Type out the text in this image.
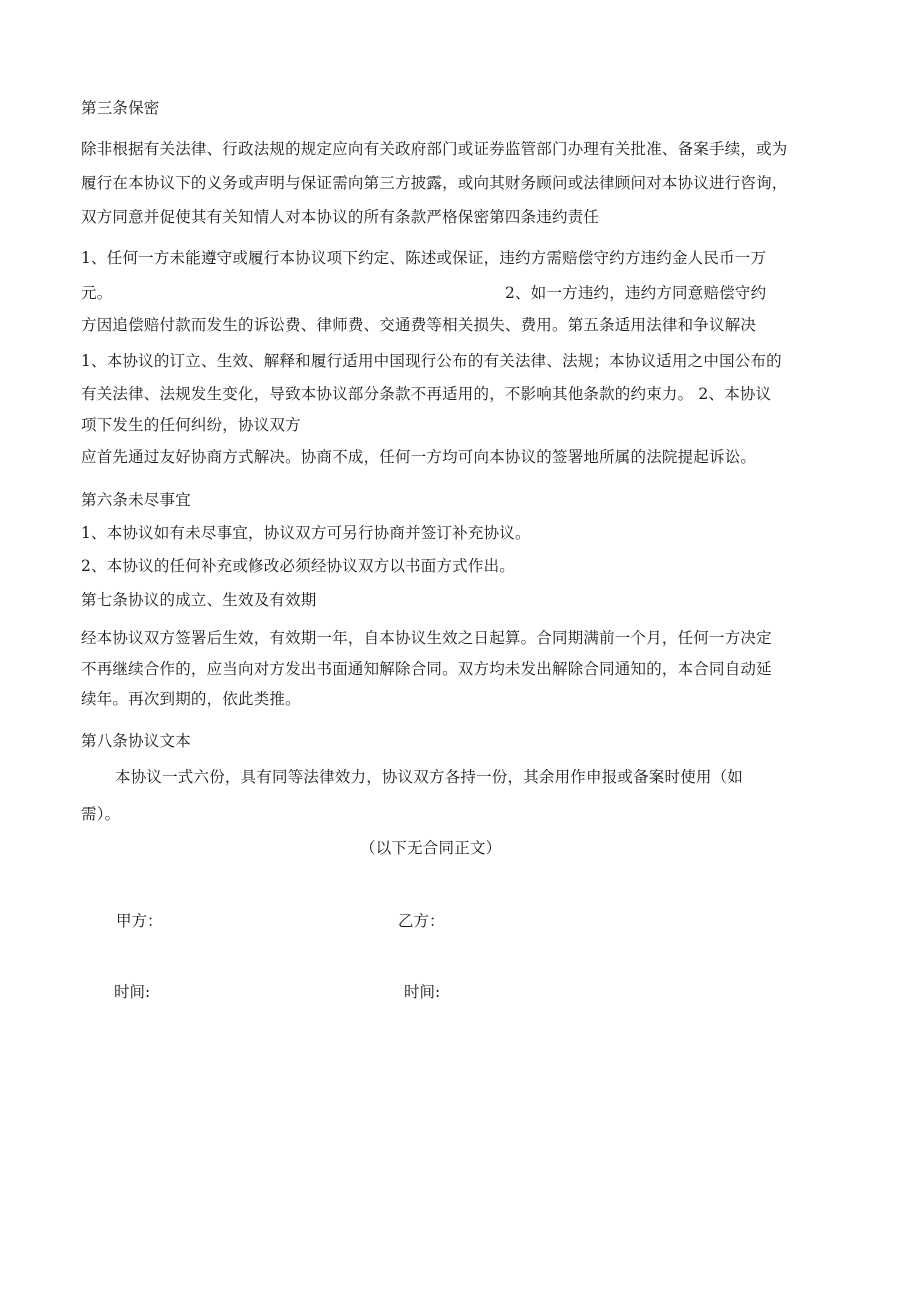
第三条保密
除非根据有关法律、行政法规的规定应向有关政府部门或证券监管部门办理有关批准、备案手续，或为
履行在本协议下的义务或声明与保证需向第三方披露，或向其财务顾问或法律顾问对本协议进行咨询，
双方同意并促使其有关知情人对本协议的所有条款严格保密第四条违约责任
1、任何一方未能遵守或履行本协议项下约定、陈述或保证，违约方需赔偿守约方违约金人民币一万
元。	2、如一方违约，违约方同意赔偿守约
方因追偿赔付款而发生的诉讼费、律师费、交通费等相关损失、费用。第五条适用法律和争议解决
1、本协议的订立、生效、解释和履行适用中国现行公布的有关法律、法规；本协议适用之中国公布的
有关法律、法规发生变化，导致本协议部分条款不再适用的，不影响其他条款的约束力。 2、本协议
项下发生的任何纠纷，协议双方
应首先通过友好协商方式解决。协商不成，任何一方均可向本协议的签署地所属的法院提起诉讼。
第六条未尽事宜
1、本协议如有未尽事宜，协议双方可另行协商并签订补充协议。
2、本协议的任何补充或修改必须经协议双方以书面方式作出。
第七条协议的成立、生效及有效期
经本协议双方签署后生效，有效期一年，自本协议生效之日起算。合同期满前一个月，任何一方决定
不再继续合作的，应当向对方发出书面通知解除合同。双方均未发出解除合同通知的，本合同自动延
续年。再次到期的，依此类推。
第八条协议文本
本协议一式六份，具有同等法律效力，协议双方各持一份，其余用作申报或备案时使用（如
需）。
（以下无合同正文）
甲方：	乙方：
时间:	时间:
